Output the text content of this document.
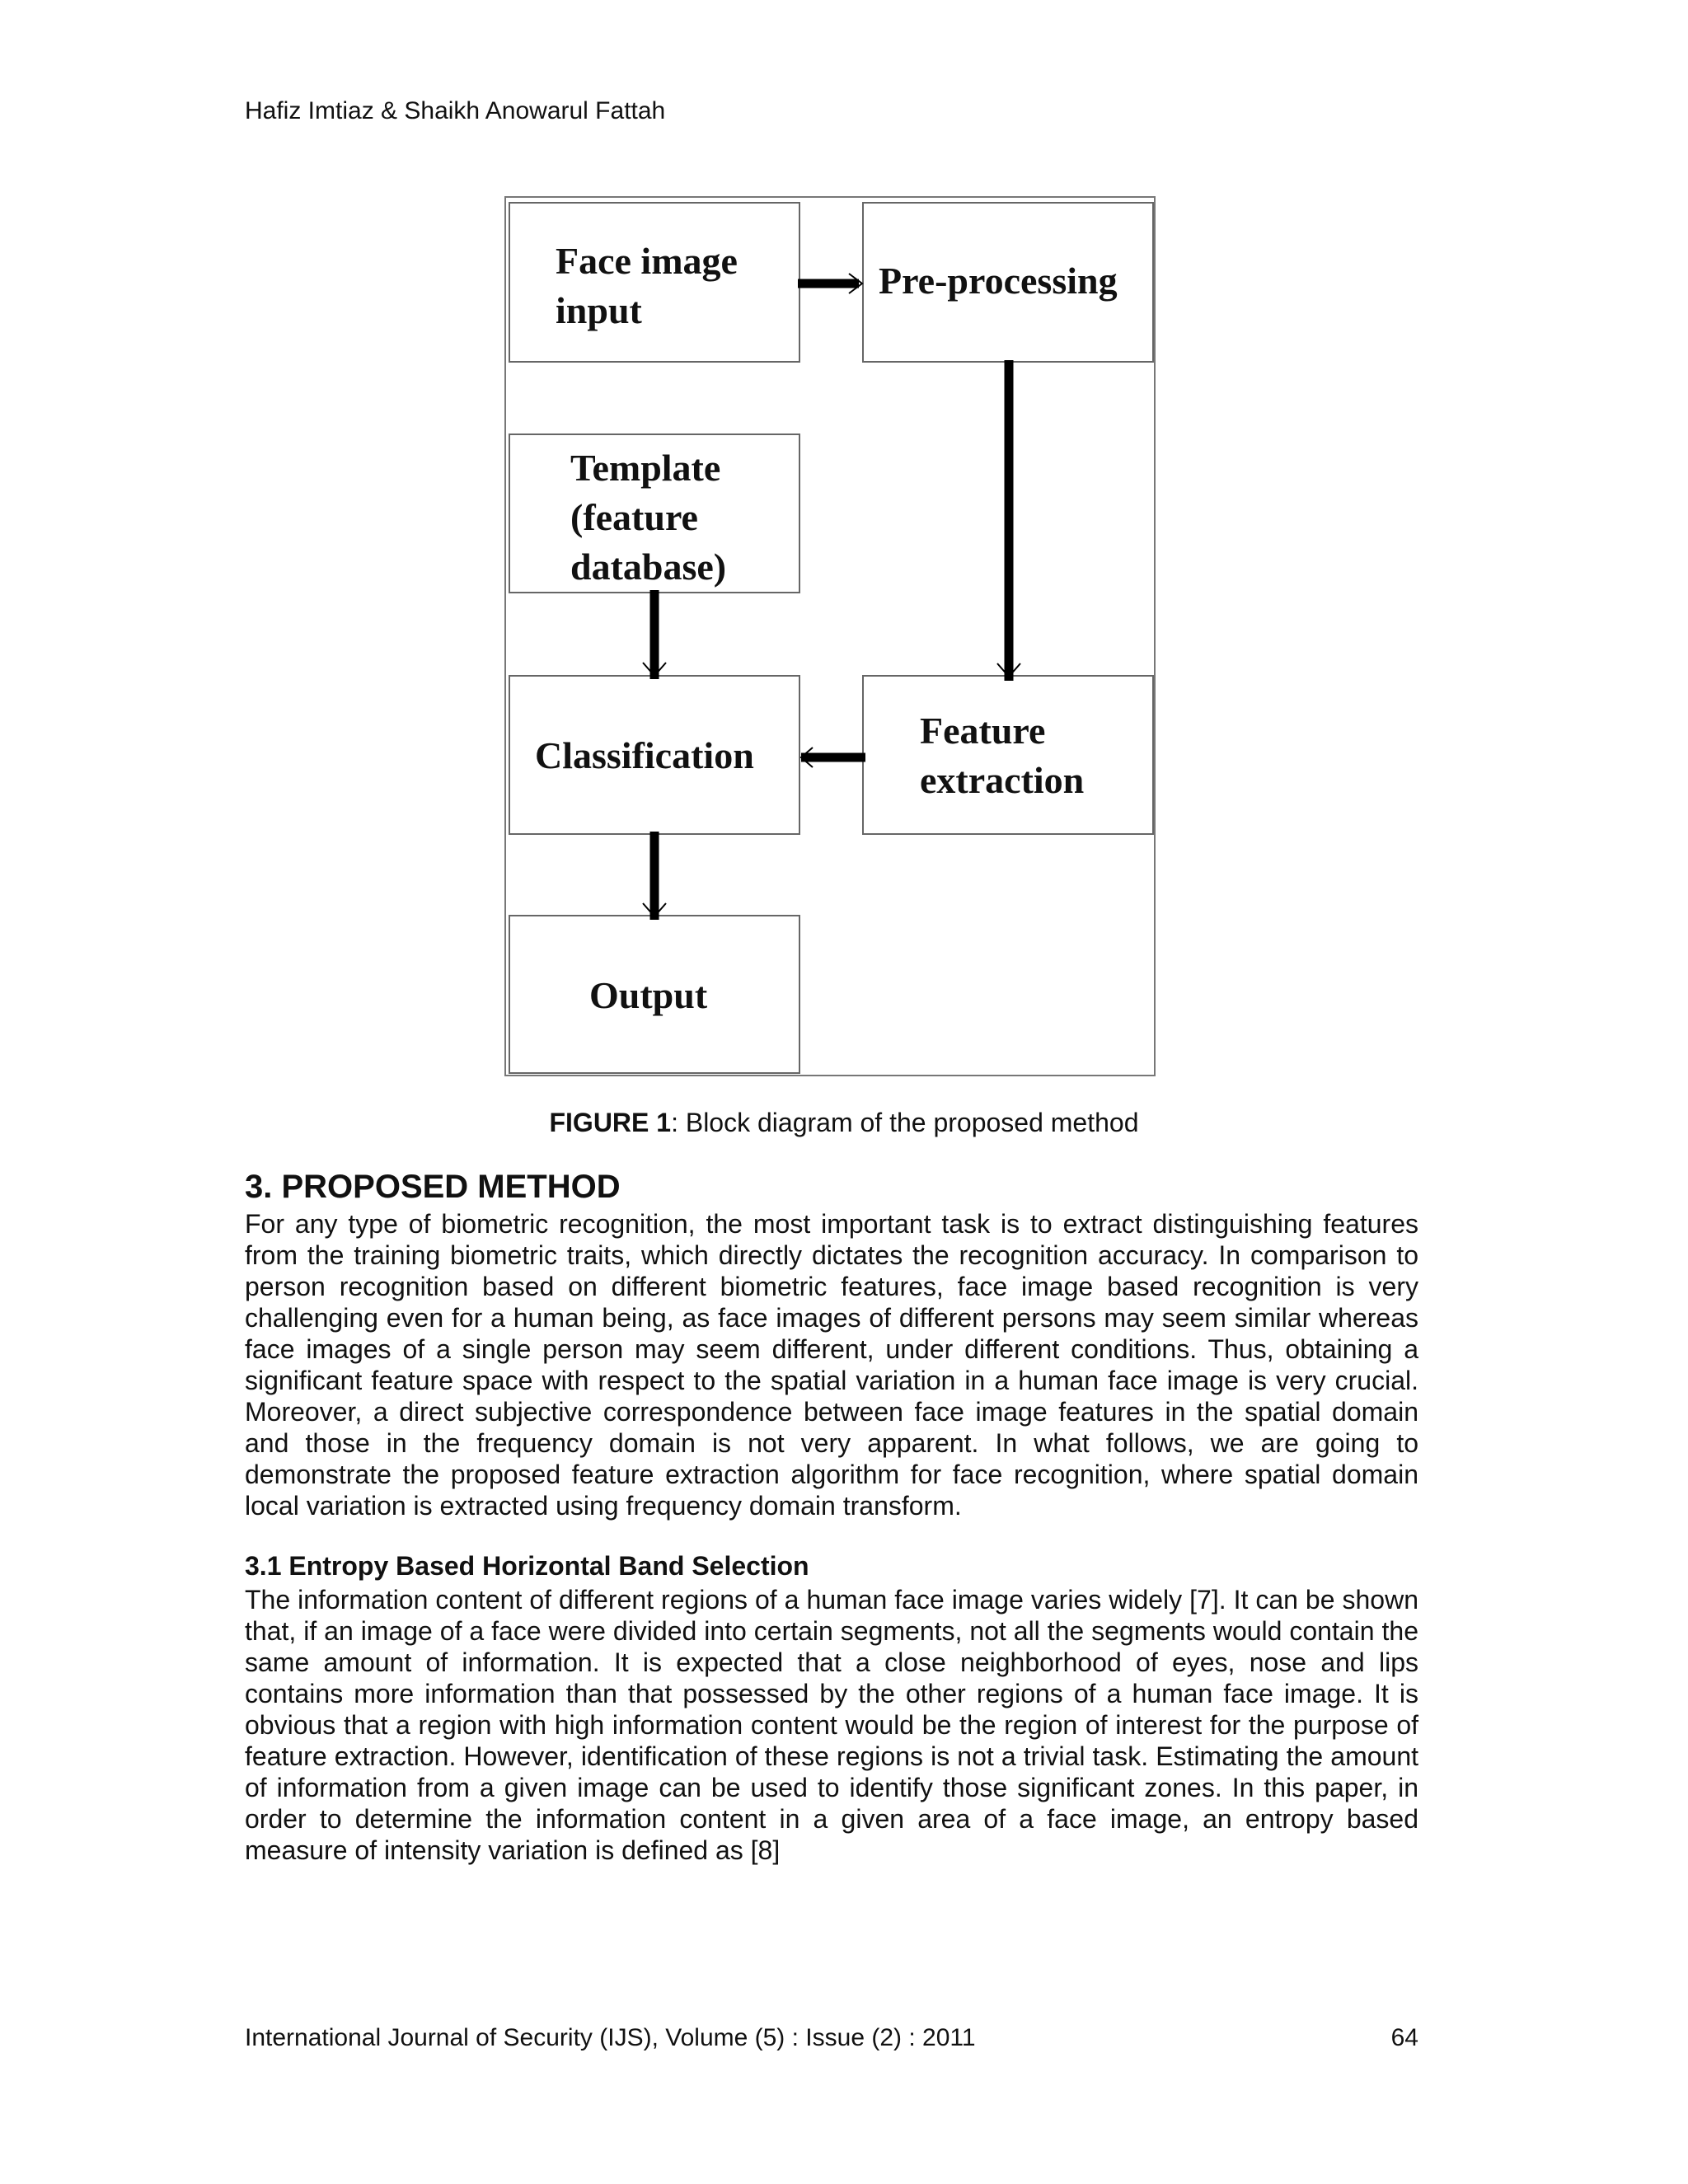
Hafiz Imtiaz & Shaikh Anowarul Fattah
Face image
input
Pre-processing
Template
(feature
database)
Classification
Feature
extraction
Output
FIGURE 1: Block diagram of the proposed method
3. PROPOSED METHOD

For any type of biometric recognition, the most important task is to extract distinguishing features from the training biometric traits, which directly dictates the recognition accuracy. In comparison to person recognition based on different biometric features, face image based recognition is very challenging even for a human being, as face images of different persons may seem similar whereas face images of a single person may seem different, under different conditions. Thus, obtaining a significant feature space with respect to the spatial variation in a human face image is very crucial. Moreover, a direct subjective correspondence between face image features in the spatial domain and those in the frequency domain is not very apparent. In what follows, we are going to demonstrate the proposed feature extraction algorithm for face recognition, where spatial domain local variation is extracted using frequency domain transform.

3.1 Entropy Based Horizontal Band Selection

The information content of different regions of a human face image varies widely [7]. It can be shown that, if an image of a face were divided into certain segments, not all the segments would contain the same amount of information. It is expected that a close neighborhood of eyes, nose and lips contains more information than that possessed by the other regions of a human face image. It is obvious that a region with high information content would be the region of interest for the purpose of feature extraction. However, identification of these regions is not a trivial task. Estimating the amount of information from a given image can be used to identify those significant zones. In this paper, in order to determine the information content in a given area of a face image, an entropy based measure of intensity variation is defined as [8]

International Journal of Security (IJS), Volume (5) : Issue (2) : 2011	64
